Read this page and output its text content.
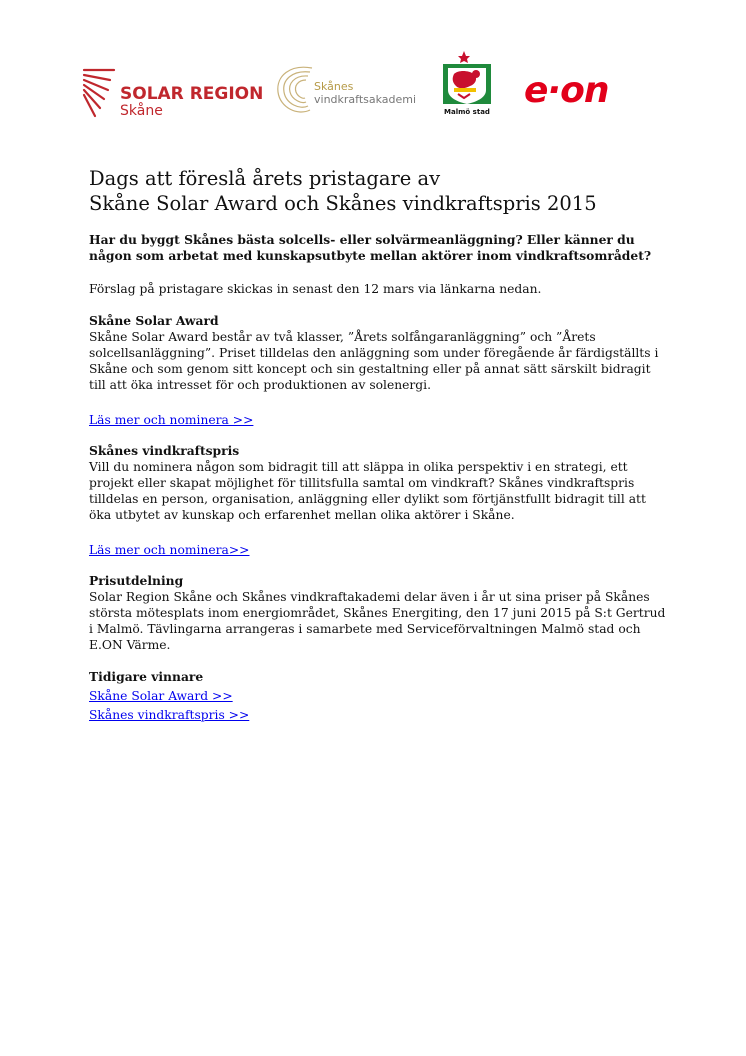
SOLAR REGION
Skåne
Skånes
vindkraftsakademi
Malmö stad
e·on
Dags att föreslå årets pristagare av
Skåne Solar Award och Skånes vindkraftspris 2015

Har du byggt Skånes bästa solcells- eller solvärmeanläggning? Eller känner du någon som arbetat med kunskapsutbyte mellan aktörer inom vindkraftsområdet?

Förslag på pristagare skickas in senast den 12 mars via länkarna nedan.

Skåne Solar Award

Skåne Solar Award består av två klasser, ”Årets solfångaranläggning” och ”Årets solcellsanläggning”. Priset tilldelas den anläggning som under föregående år färdigställts i Skåne och som genom sitt koncept och sin gestaltning eller på annat sätt särskilt bidragit till att öka intresset för och produktionen av solenergi.

Läs mer och nominera >>
Skånes vindkraftspris

Vill du nominera någon som bidragit till att släppa in olika perspektiv i en strategi, ett projekt eller skapat möjlighet för tillitsfulla samtal om vindkraft? Skånes vindkraftspris tilldelas en person, organisation, anläggning eller dylikt som förtjänstfullt bidragit till att öka utbytet av kunskap och erfarenhet mellan olika aktörer i Skåne.

Läs mer och nominera>>
Prisutdelning

Solar Region Skåne och Skånes vindkraftakademi delar även i år ut sina priser på Skånes största mötesplats inom energiområdet, Skånes Energiting, den 17 juni 2015 på S:t Gertrud i Malmö. Tävlingarna arrangeras i samarbete med Serviceförvaltningen Malmö stad och E.ON Värme.

Tidigare vinnare
Skåne Solar Award >>
Skånes vindkraftspris >>
